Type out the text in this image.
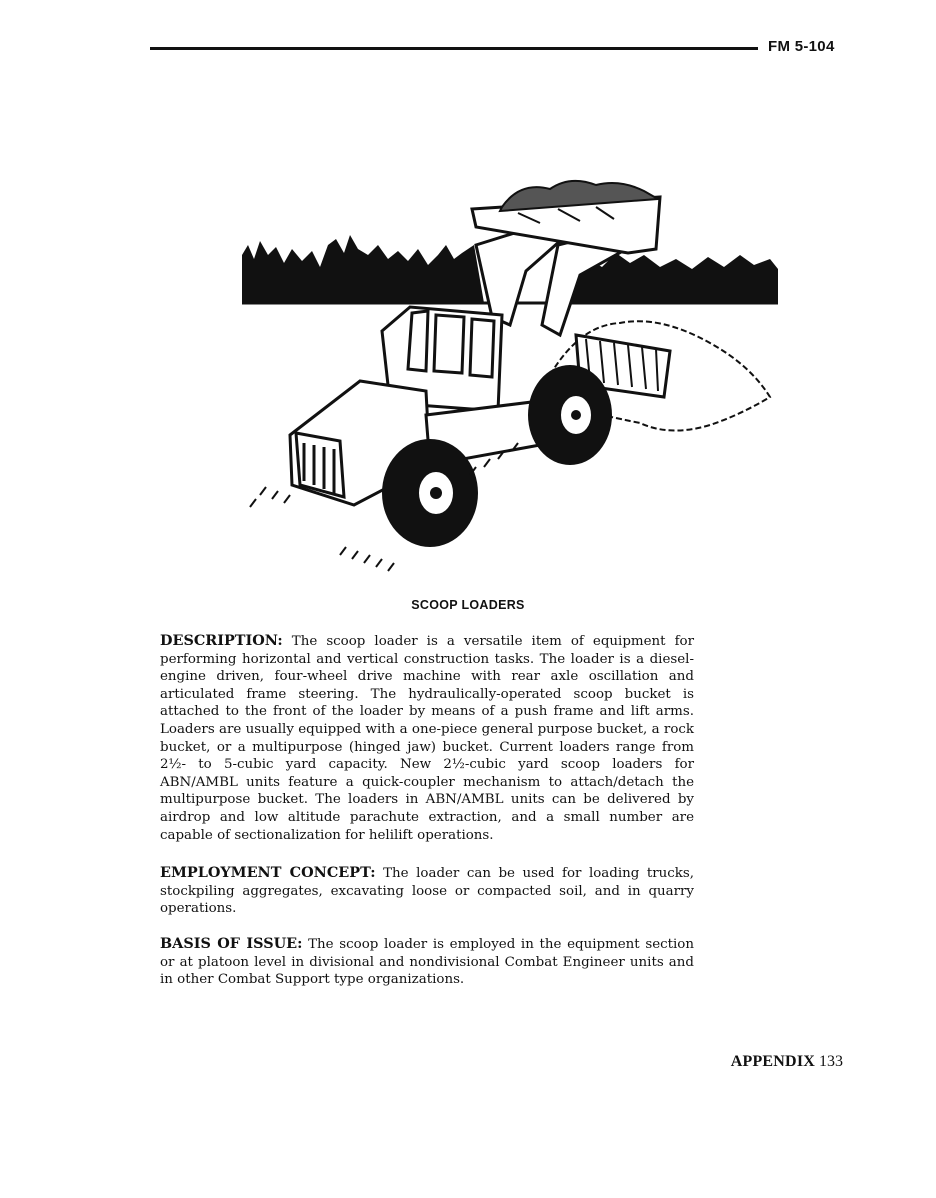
FM 5-104
SCOOP LOADERS
DESCRIPTION: The scoop loader is a versatile item of equipment for performing horizontal and vertical construction tasks. The loader is a diesel-engine driven, four-wheel drive machine with rear axle oscillation and articulated frame steering. The hydraulically-operated scoop bucket is attached to the front of the loader by means of a push frame and lift arms. Loaders are usually equipped with a one-piece general purpose bucket, a rock bucket, or a multipurpose (hinged jaw) bucket. Current loaders range from 2½- to 5-cubic yard capacity. New 2½-cubic yard scoop loaders for ABN/AMBL units feature a quick-coupler mechanism to attach/detach the multipurpose bucket. The loaders in ABN/AMBL units can be delivered by airdrop and low altitude parachute extraction, and a small number are capable of sectionalization for helilift operations.
EMPLOYMENT CONCEPT: The loader can be used for loading trucks, stockpiling aggregates, excavating loose or compacted soil, and in quarry operations.
BASIS OF ISSUE: The scoop loader is employed in the equipment section or at platoon level in divisional and nondivisional Combat Engineer units and in other Combat Support type organizations.
APPENDIX 133
